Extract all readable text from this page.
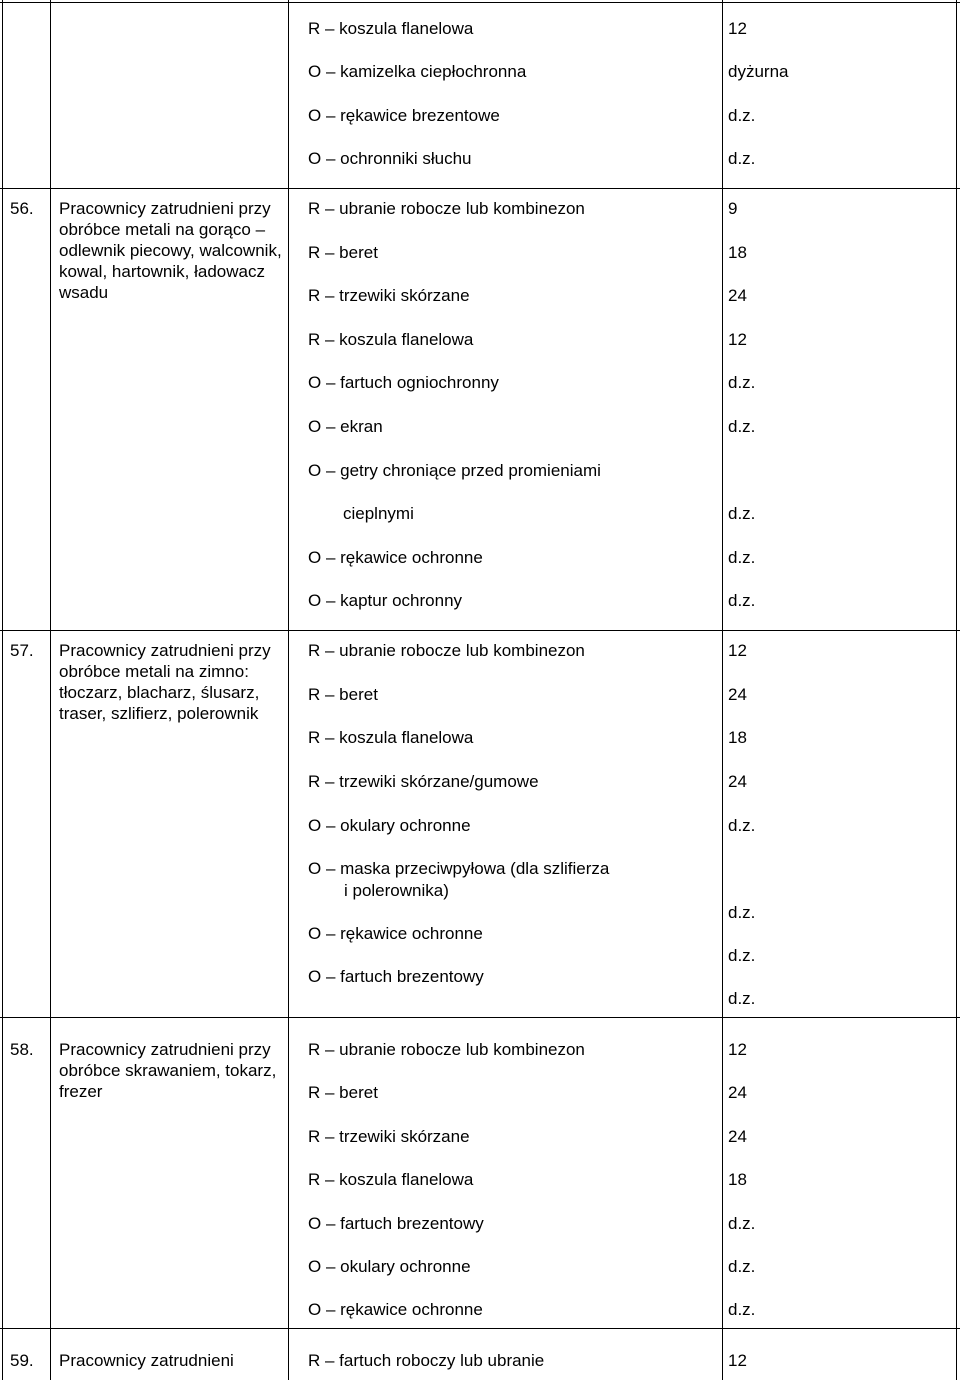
R – koszula flanelowa
O – kamizelka ciepłochronna
O – rękawice brezentowe
O – ochronniki słuchu
12
dyżurna
d.z.
d.z.
56. Pracownicy zatrudnieni przy obróbce metali na gorąco – odlewnik piecowy, walcownik, kowal, hartownik, ładowacz wsadu
R – ubranie robocze lub kombinezon
R – beret
R – trzewiki skórzane
R – koszula flanelowa
O – fartuch ogniochronny
O – ekran
O – getry chroniące przed promieniami
cieplnymi
O – rękawice ochronne
O – kaptur ochronny
9
18
24
12
d.z.
d.z.
d.z.
d.z.
d.z.
57. Pracownicy zatrudnieni przy obróbce metali na zimno: tłoczarz, blacharz, ślusarz, traser, szlifierz, polerownik
R – ubranie robocze lub kombinezon
R – beret
R – koszula flanelowa
R – trzewiki skórzane/gumowe
O – okulary ochronne
O – maska przeciwpyłowa (dla szlifierza
i polerownika)
O – rękawice ochronne
O – fartuch brezentowy
12
24
18
24
d.z.
d.z.
d.z.
d.z.
58. Pracownicy zatrudnieni przy obróbce skrawaniem, tokarz, frezer
R – ubranie robocze lub kombinezon
R – beret
R – trzewiki skórzane
R – koszula flanelowa
O – fartuch brezentowy
O – okulary ochronne
O – rękawice ochronne
12
24
24
18
d.z.
d.z.
d.z.
59. Pracownicy zatrudnieni	R – fartuch roboczy lub ubranie	12
